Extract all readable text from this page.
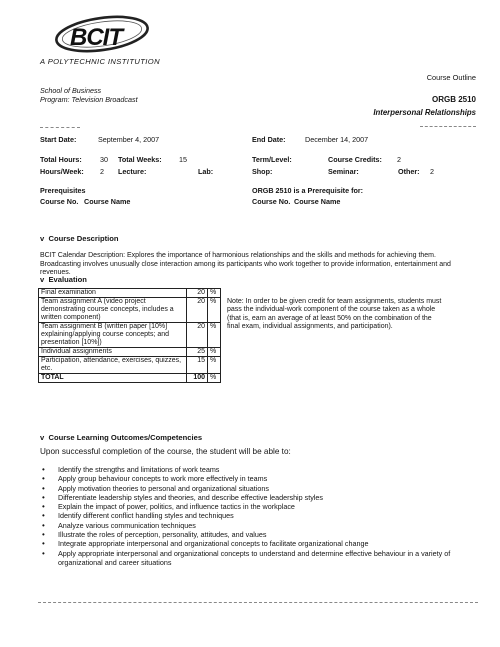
BCIT
A POLYTECHNIC INSTITUTION
Course Outline
School of Business
Program: Television Broadcast	ORGB 2510
Interpersonal Relationships
Start Date:	September 4, 2007	End Date:	December 14, 2007
Total Hours:	30 Total Weeks: 15	Term/Level:	Course Credits: 2
Hours/Week: 2 Lecture:	Lab:	Shop:	Seminar:	Other: 2
Prerequisites
Course No. Course Name
ORGB 2510 is a Prerequisite for:
Course No. Course Name
v Course Description
BCIT Calendar Description: Explores the importance of harmonious relationships and the skills and methods for achieving them. Broadcasting involves unusually close interaction among its participants who work together to provide information, entertainment and revenues.
v Evaluation
Final examination	20	%	Note: In order to be given credit for team assignments, students must pass the individual-work component of the course taken as a whole (that is, earn an average of at least 50% on the combination of the final exam, individual assignments, and participation).

Team assignment A (video project demonstrating course concepts, includes a written component)	20	%	
Team assignment B (written paper [10%] explaining/applying course concepts; and presentation [10%])	20	%	
Individual assignments	25	%	
Participation, attendance, exercises, quizzes, etc.	15	%	
TOTAL	100	%	
v Course Learning Outcomes/Competencies
Upon successful completion of the course, the student will be able to:
• Identify the strengths and limitations of work teams
• Apply group behaviour concepts to work more effectively in teams
• Apply motivation theories to personal and organizational situations
• Differentiate leadership styles and theories, and describe effective leadership styles
• Explain the impact of power, politics, and influence tactics in the workplace
• Identify different conflict handling styles and techniques
• Analyze various communication techniques
• Illustrate the roles of perception, personality, attitudes, and values
• Integrate appropriate interpersonal and organizational concepts to facilitate organizational change
• Apply appropriate interpersonal and organizational concepts to understand and determine effective behaviour in a variety of organizational and career situations
